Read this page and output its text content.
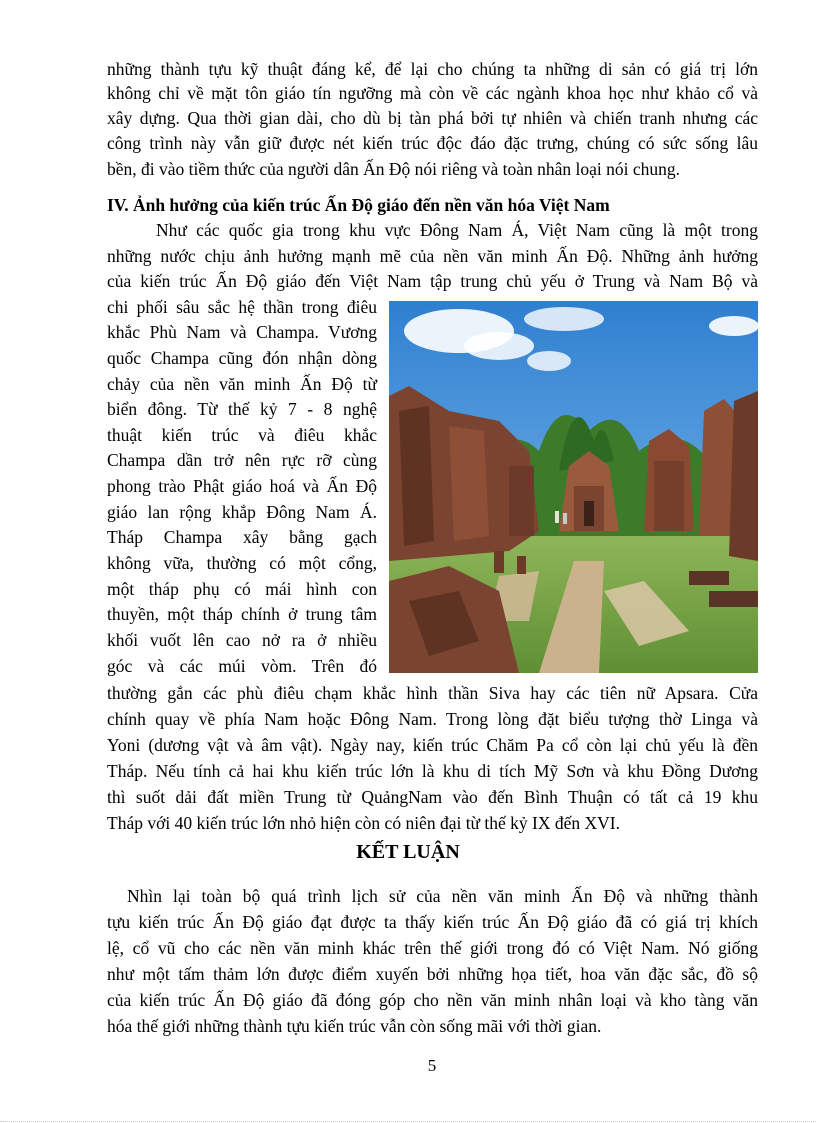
những thành tựu kỹ thuật đáng kể, để lại cho chúng ta những di sản có giá trị lớn
không chỉ về mặt tôn giáo tín ngưỡng mà còn về các ngành khoa học như khảo cổ và
xây dựng. Qua thời gian dài, cho dù bị tàn phá bởi tự nhiên và chiến tranh nhưng các
công trình này vẫn giữ được nét kiến trúc độc đáo đặc trưng, chúng có sức sống lâu
bền, đi vào tiềm thức của người dân Ấn Độ nói riêng và toàn nhân loại nói chung.
IV. Ảnh hưởng của kiến trúc Ấn Độ giáo đến nền văn hóa Việt Nam
Như các quốc gia trong khu vực Đông Nam Á, Việt Nam cũng là một trong
những nước chịu ảnh hưởng mạnh mẽ của nền văn minh Ấn Độ. Những ảnh hưởng
của kiến trúc Ấn Độ giáo đến Việt Nam tập trung chủ yếu ở Trung và Nam Bộ và
chi phối sâu sắc hệ thần trong điêu
khắc Phù Nam và Champa. Vương
quốc Champa cũng đón nhận dòng
chảy của nền văn minh Ấn Độ từ
biển đông. Từ thế kỷ 7 - 8 nghệ
thuật kiến trúc và điêu khắc
Champa dần trở nên rực rỡ cùng
phong trào Phật giáo hoá và Ấn Độ
giáo lan rộng khắp Đông Nam Á.
Tháp Champa xây bằng gạch
không vữa, thường có một cổng,
một tháp phụ có mái hình con
thuyền, một tháp chính ở trung tâm
khối vuốt lên cao nở ra ở nhiều
góc và các múi vòm. Trên đó
thường gắn các phù điêu chạm khắc hình thần Siva hay các tiên nữ Apsara. Cửa
chính quay về phía Nam hoặc Đông Nam. Trong lòng đặt biểu tượng thờ Linga và
Yoni (dương vật và âm vật). Ngày nay, kiến trúc Chăm Pa cổ còn lại chủ yếu là đền
Tháp. Nếu tính cả hai khu kiến trúc lớn là khu di tích Mỹ Sơn và khu Đồng Dương
thì suốt dải đất miền Trung từ QuảngNam vào đến Bình Thuận có tất cả 19 khu
Tháp với 40 kiến trúc lớn nhỏ hiện còn có niên đại từ thế kỷ IX đến XVI.
KẾT LUẬN
Nhìn lại toàn bộ quá trình lịch sử của nền văn minh Ấn Độ và những thành
tựu kiến trúc Ấn Độ giáo đạt được ta thấy kiến trúc Ấn Độ giáo đã có giá trị khích
lệ, cổ vũ cho các nền văn minh khác trên thế giới trong đó có Việt Nam. Nó giống
như một tấm thảm lớn được điểm xuyến bởi những họa tiết, hoa văn đặc sắc, đồ sộ
của kiến trúc Ấn Độ giáo đã đóng góp cho nền văn minh nhân loại và kho tàng văn
hóa thế giới những thành tựu kiến trúc vẫn còn sống mãi với thời gian.
5
